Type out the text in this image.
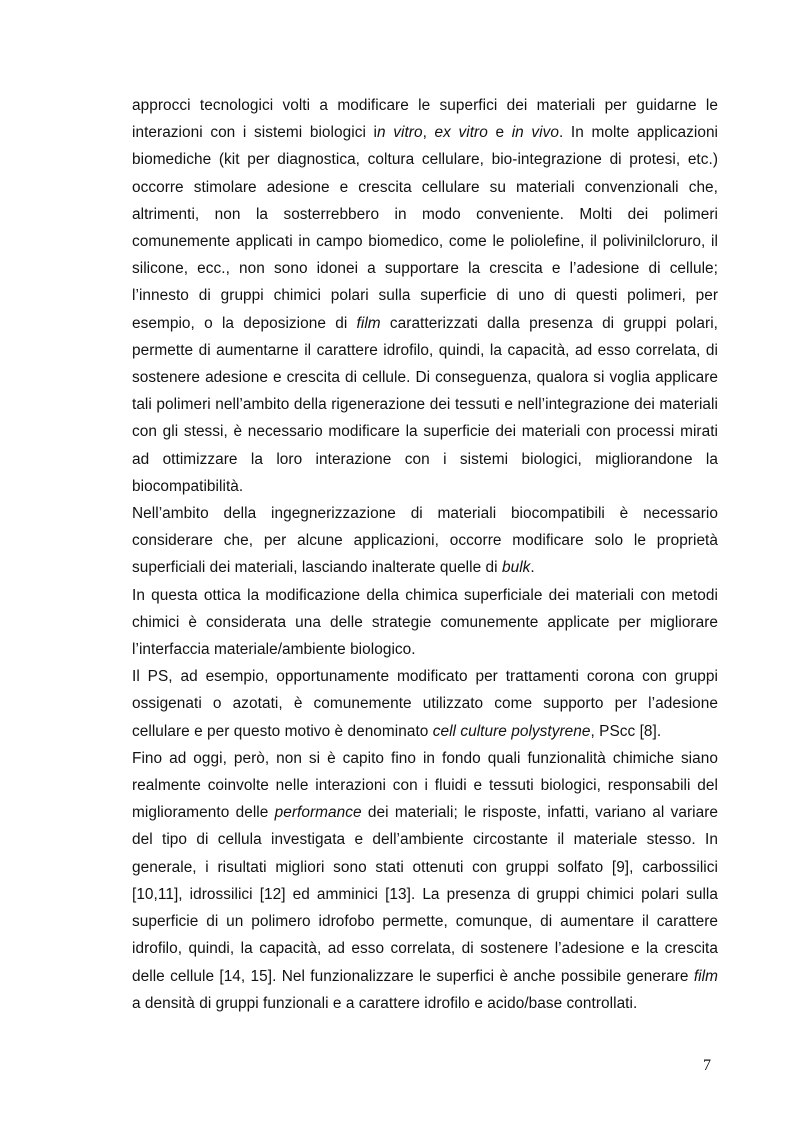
approcci tecnologici volti a modificare le superfici dei materiali per guidarne le interazioni con i sistemi biologici in vitro, ex vitro e in vivo. In molte applicazioni biomediche (kit per diagnostica, coltura cellulare, bio-integrazione di protesi, etc.) occorre stimolare adesione e crescita cellulare su materiali convenzionali che, altrimenti, non la sosterrebbero in modo conveniente. Molti dei polimeri comunemente applicati in campo biomedico, come le poliolefine, il polivinilcloruro, il silicone, ecc., non sono idonei a supportare la crescita e l’adesione di cellule; l’innesto di gruppi chimici polari sulla superficie di uno di questi polimeri, per esempio, o la deposizione di film caratterizzati dalla presenza di gruppi polari, permette di aumentarne il carattere idrofilo, quindi, la capacità, ad esso correlata, di sostenere adesione e crescita di cellule. Di conseguenza, qualora si voglia applicare tali polimeri nell’ambito della rigenerazione dei tessuti e nell’integrazione dei materiali con gli stessi, è necessario modificare la superficie dei materiali con processi mirati ad ottimizzare la loro interazione con i sistemi biologici, migliorandone la biocompatibilità.

Nell’ambito della ingegnerizzazione di materiali biocompatibili è necessario considerare che, per alcune applicazioni, occorre modificare solo le proprietà superficiali dei materiali, lasciando inalterate quelle di bulk.

In questa ottica la modificazione della chimica superficiale dei materiali con metodi chimici è considerata una delle strategie comunemente applicate per migliorare l’interfaccia materiale/ambiente biologico.

Il PS, ad esempio, opportunamente modificato per trattamenti corona con gruppi ossigenati o azotati, è comunemente utilizzato come supporto per l’adesione cellulare e per questo motivo è denominato cell culture polystyrene, PScc [8].

Fino ad oggi, però, non si è capito fino in fondo quali funzionalità chimiche siano realmente coinvolte nelle interazioni con i fluidi e tessuti biologici, responsabili del miglioramento delle performance dei materiali; le risposte, infatti, variano al variare del tipo di cellula investigata e dell’ambiente circostante il materiale stesso. In generale, i risultati migliori sono stati ottenuti con gruppi solfato [9], carbossilici [10,11], idrossilici [12] ed amminici [13]. La presenza di gruppi chimici polari sulla superficie di un polimero idrofobo permette, comunque, di aumentare il carattere idrofilo, quindi, la capacità, ad esso correlata, di sostenere l’adesione e la crescita delle cellule [14, 15]. Nel funzionalizzare le superfici è anche possibile generare film a densità di gruppi funzionali e a carattere idrofilo e acido/base controllati.

7
